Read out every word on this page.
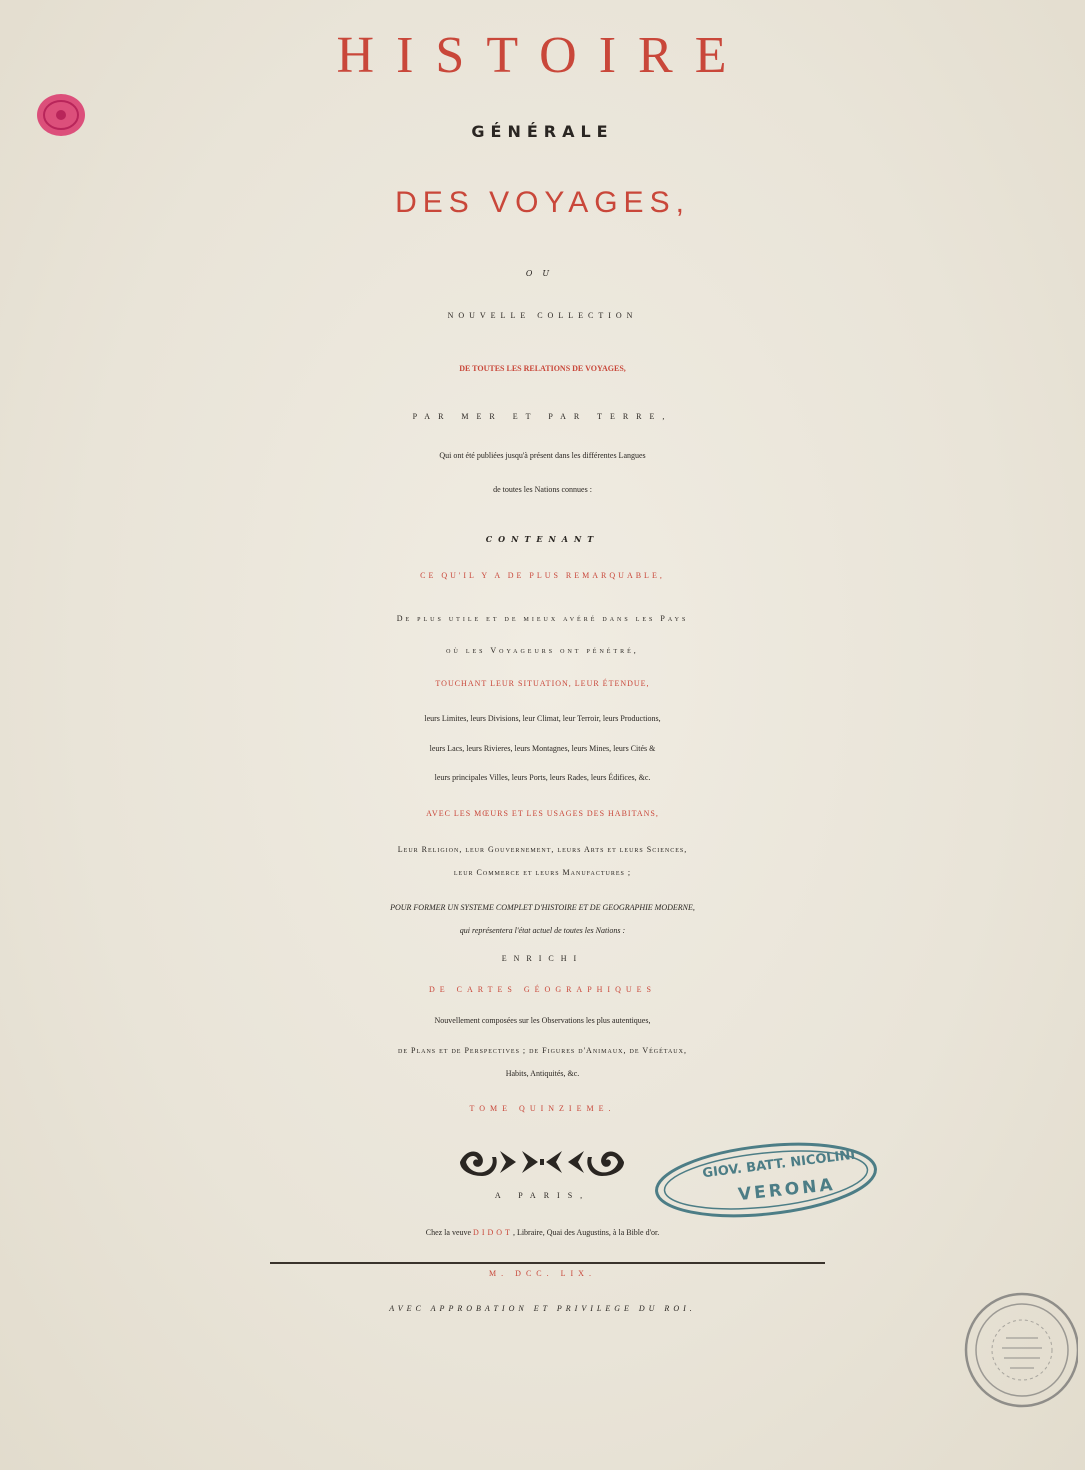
HISTOIRE
GÉNÉRALE
DES VOYAGES,
OU
NOUVELLE COLLECTION
DE TOUTES LES RELATIONS DE VOYAGES,
PAR MER ET PAR TERRE,
Qui ont été publiées jusqu'à présent dans les différentes Langues
de toutes les Nations connues :
CONTENANT
CE QU'IL Y A DE PLUS REMARQUABLE,
De plus utile et de mieux avéré dans les Pays
où les Voyageurs ont pénétré,
TOUCHANT LEUR SITUATION, LEUR ÉTENDUE,
leurs Limites, leurs Divisions, leur Climat, leur Terroir, leurs Productions,
leurs Lacs, leurs Rivieres, leurs Montagnes, leurs Mines, leurs Cités &
leurs principales Villes, leurs Ports, leurs Rades, leurs Édifices, &c.
AVEC LES MŒURS ET LES USAGES DES HABITANS,
Leur Religion, leur Gouvernement, leurs Arts et leurs Sciences,
leur Commerce et leurs Manufactures ;
POUR FORMER UN SYSTEME COMPLET D'HISTOIRE ET DE GEOGRAPHIE MODERNE,
qui représentera l'état actuel de toutes les Nations :
ENRICHI
DE CARTES GÉOGRAPHIQUES
Nouvellement composées sur les Observations les plus autentiques,
de Plans et de Perspectives ; de Figures d'Animaux, de Végétaux,
Habits, Antiquités, &c.
TOME QUINZIEME.
A PARIS,
Chez la veuve DIDOT, Libraire, Quai des Augustins, à la Bible d'or.
M. DCC. LIX.
AVEC APPROBATION ET PRIVILEGE DU ROI.
GIOV. BATT. NICOLINI
VERONA
